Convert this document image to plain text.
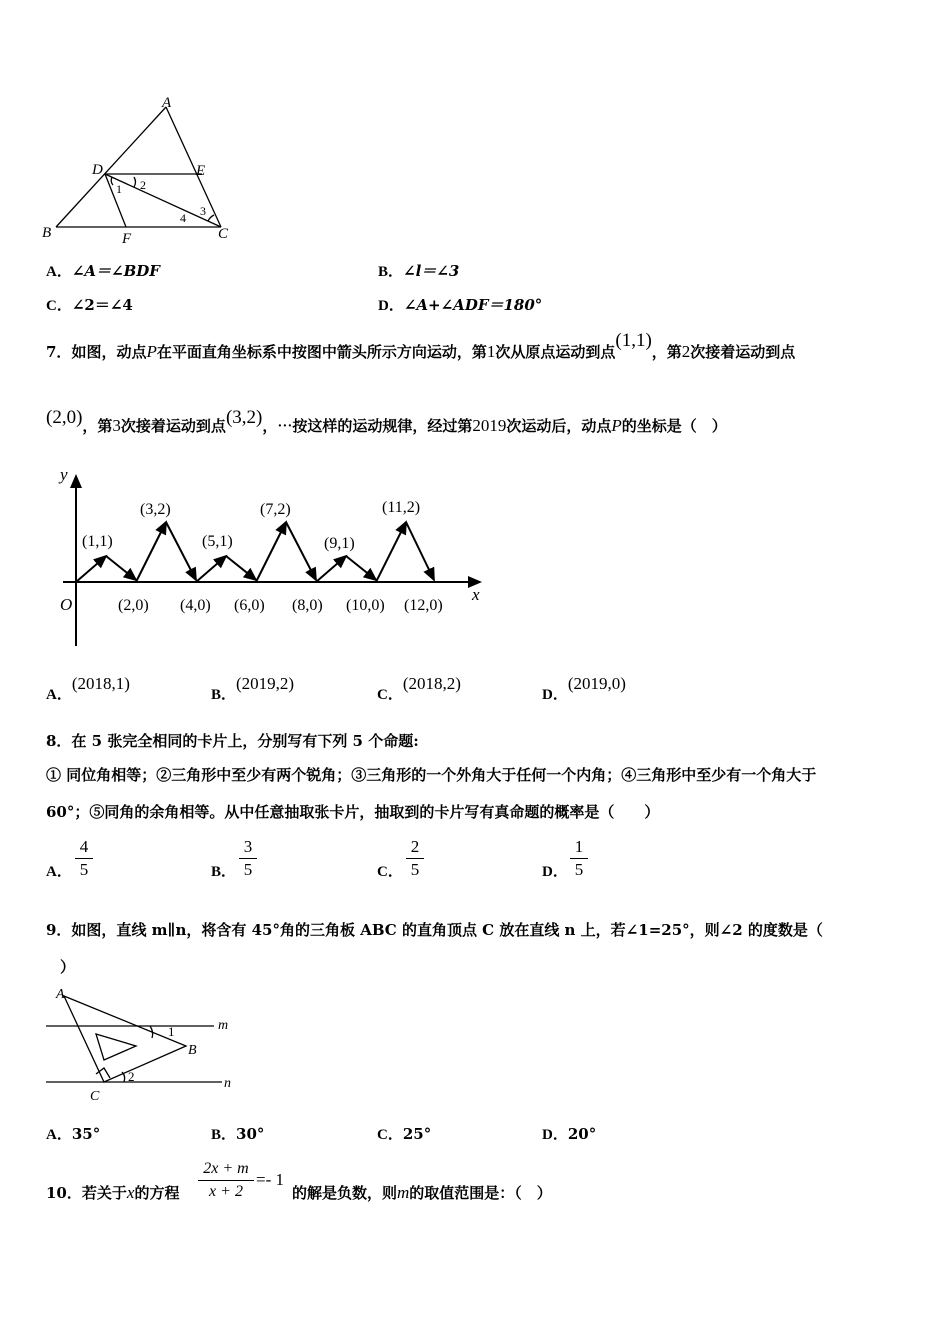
A
B	C
D	E
F
1 2
3
4
A．∠A＝∠BDF	B．∠l＝∠3
C．∠2＝∠4	D．∠A+∠ADF＝180°
7．如图，动点P在平面直角坐标系中按图中箭头所示方向运动，第1次从原点运动到点(1,1)，第2次接着运动到点
(2,0)，第3次接着运动到点(3,2)，⋯按这样的运动规律，经过第2019次运动后，动点P的坐标是（　）
y
x
O
(1,1)
(3,2)
(5,1)
(7,2)
(9,1)
(11,2)
(2,0) (4,0) (6,0) (8,0) (10,0) (12,0)
A．(2018,1)
B．(2019,2)
C．(2018,2)
D．(2019,0)
8．在 5 张完全相同的卡片上，分别写有下列 5 个命题:
① 同位角相等；②三角形中至少有两个锐角；③三角形的一个外角大于任何一个内角；④三角形中至少有一个角大于
60°；⑤同角的余角相等。从中任意抽取张卡片，抽取到的卡片写有真命题的概率是（　　）
A．
4
5	B．
3
5	C．
2
5	D．
1
5
9．如图，直线 m∥n，将含有 45°角的三角板 ABC 的直角顶点 C 放在直线 n 上，若∠1=25°，则∠2 的度数是（
）
A
B
C
m
n
1
2
A．35°	B．30°	C．25°	D．20°
10．若关于x的方程
2x + m
x + 2
=- 1
的解是负数，则m的取值范围是：（　）
